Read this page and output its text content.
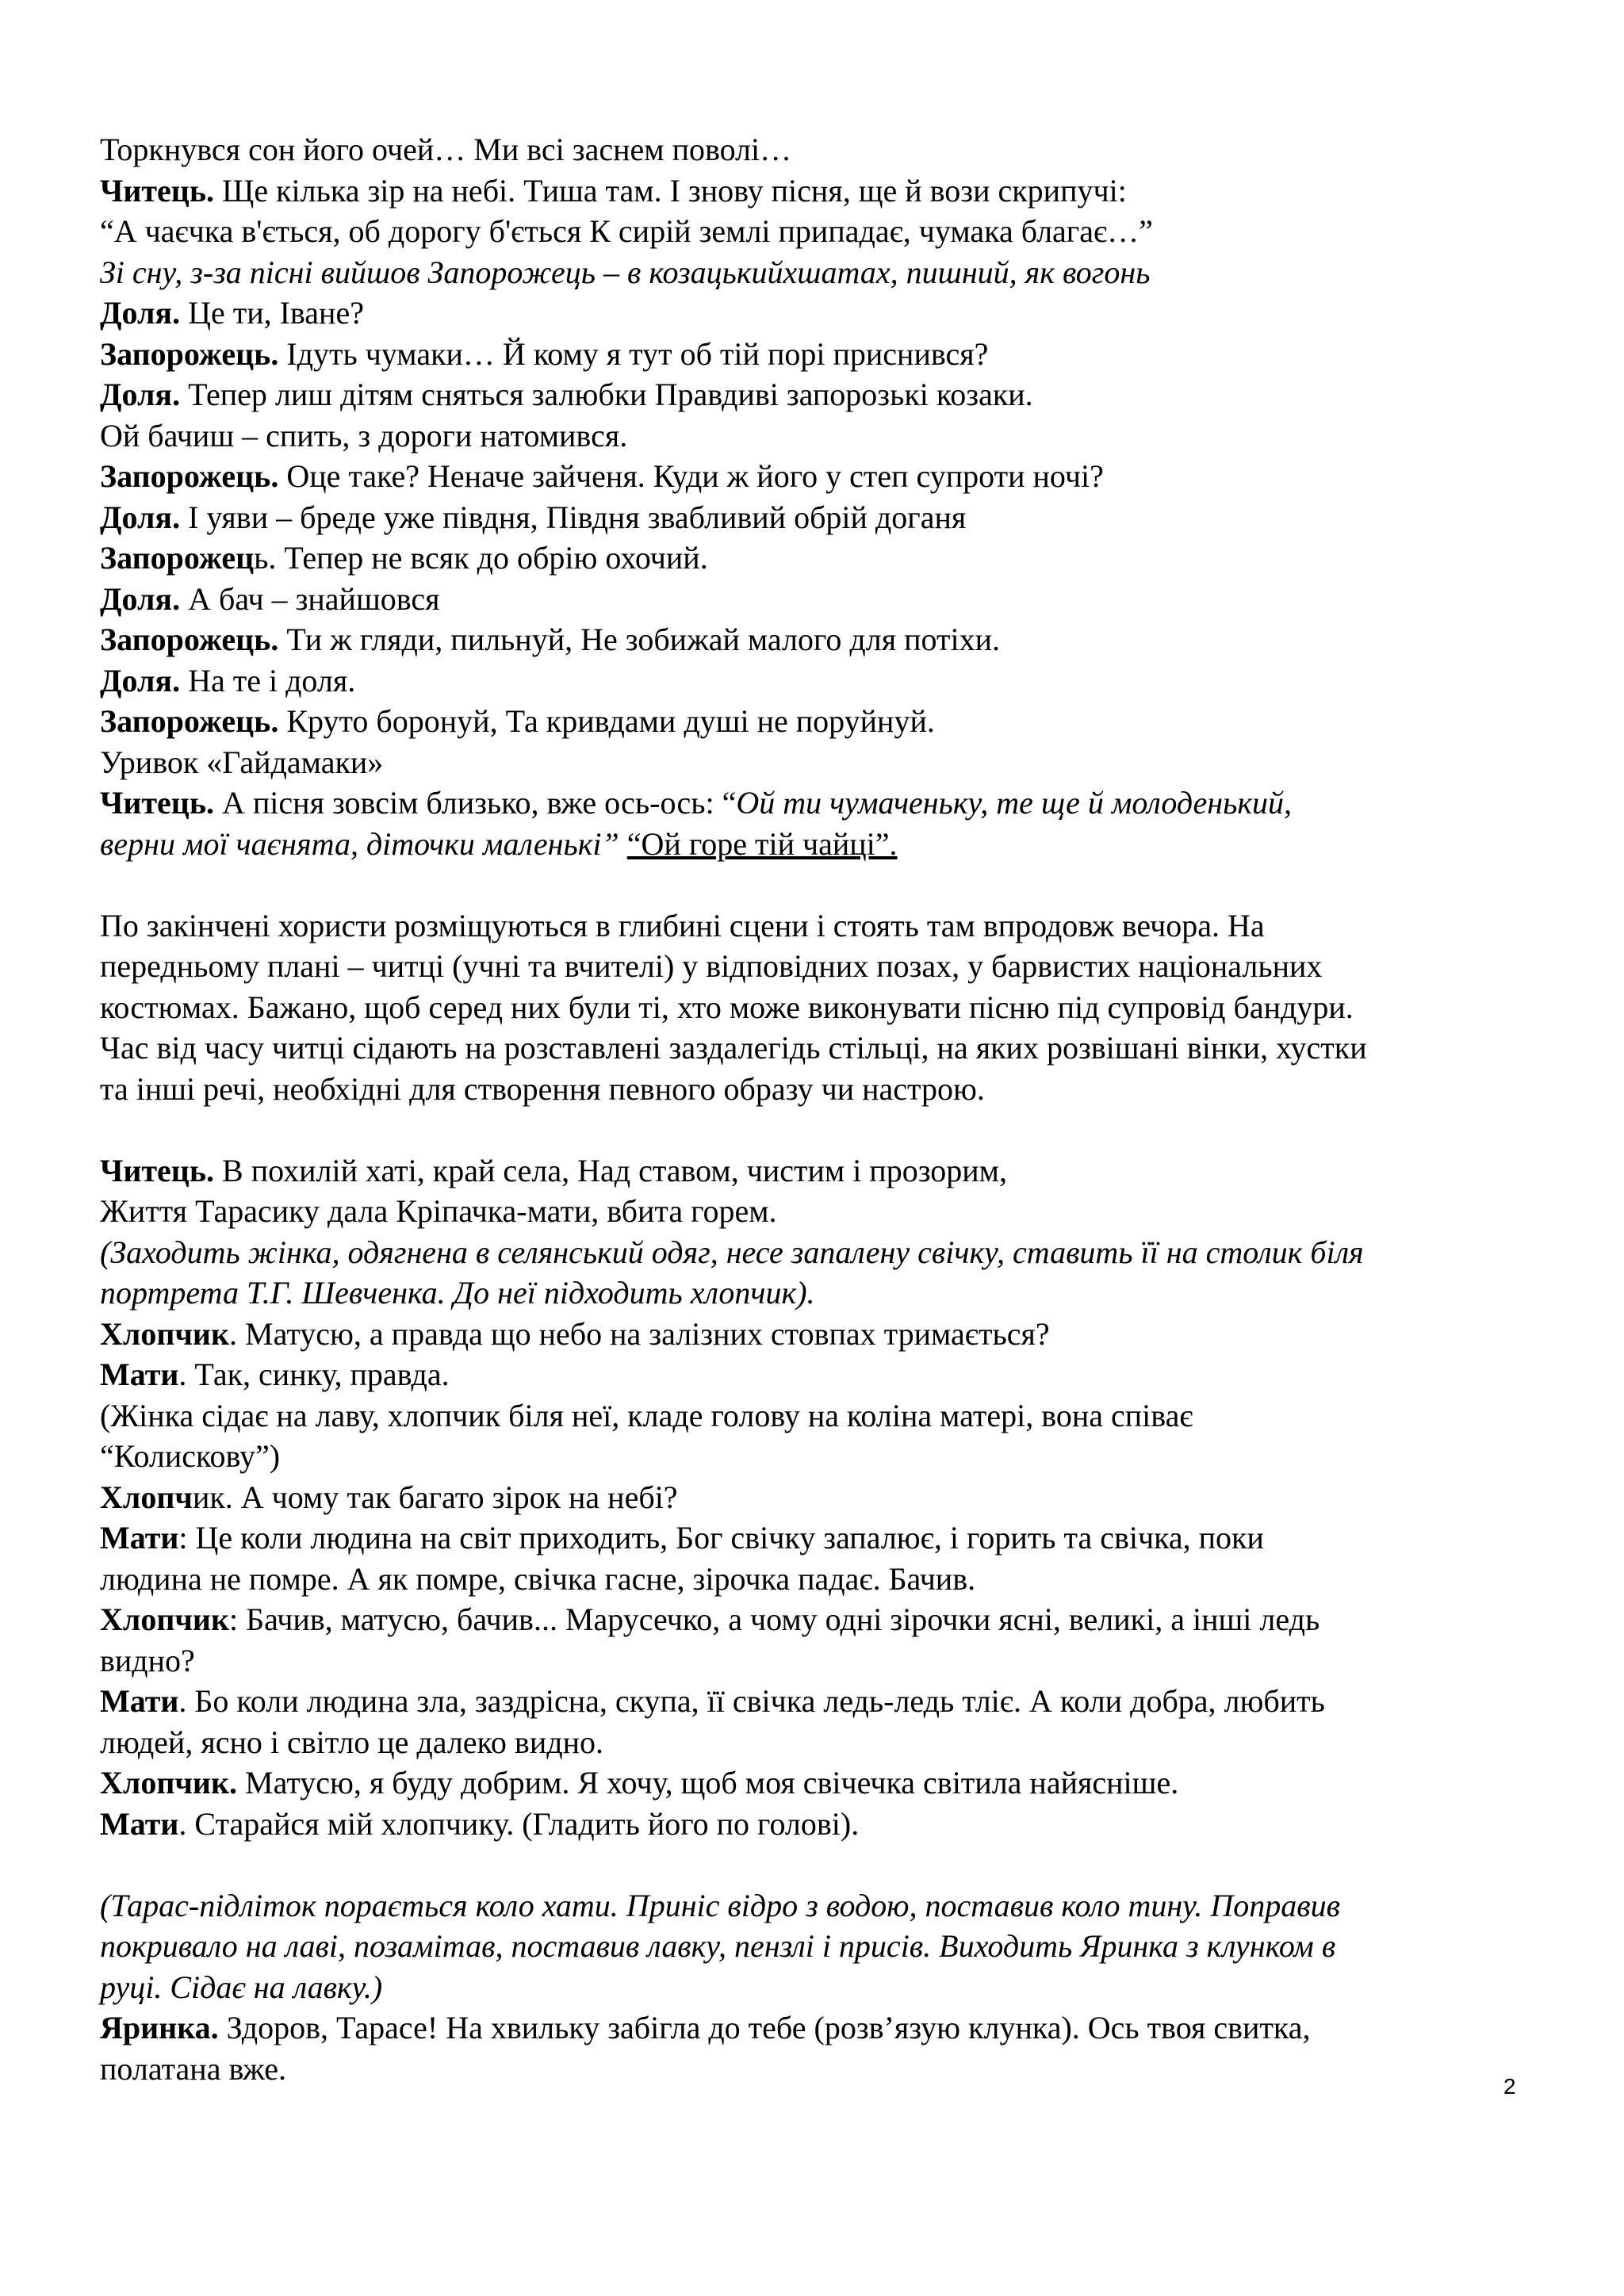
Торкнувся сон його очей… Ми всі заснем поволі…
Читець. Ще кілька зір на небі. Тиша там. І знову пісня, ще й вози скрипучі:
“А чаєчка в'ється, об дорогу б'ється К сирій землі припадає, чумака благає…”
Зі сну, з-за пісні вийшов Запорожець – в козацькийхшатах, пишний, як вогонь
Доля. Це ти, Іване?
Запорожець. Ідуть чумаки… Й кому я тут об тій порі приснився?
Доля. Тепер лиш дітям сняться залюбки Правдиві запорозькі козаки.
Ой бачиш – спить, з дороги натомився.
Запорожець. Оце таке? Неначе зайченя. Куди ж його у степ супроти ночі?
Доля. І уяви – бреде уже півдня, Півдня звабливий обрій доганя
Запорожець. Тепер не всяк до обрію охочий.
Доля. А бач – знайшовся
Запорожець. Ти ж гляди, пильнуй, Не зобижай малого для потіхи.
Доля. На те і доля.
Запорожець. Круто боронуй, Та кривдами душі не поруйнуй.
Уривок «Гайдамаки»
Читець. А пісня зовсім близько, вже ось-ось: “Ой ти чумаченьку, те ще й молоденький,
верни мої чаєнята, діточки маленькі” “Ой горе тій чайці”.
По закінчені хористи розміщуються в глибині сцени і стоять там впродовж вечора. На
передньому плані – читці (учні та вчителі) у відповідних позах, у барвистих національних
костюмах. Бажано, щоб серед них були ті, хто може виконувати пісню під супровід бандури.
Час від часу читці сідають на розставлені заздалегідь стільці, на яких розвішані вінки, хустки
та інші речі, необхідні для створення певного образу чи настрою.
Читець. В похилій хаті, край села, Над ставом, чистим і прозорим,
Життя Тарасику дала Кріпачка-мати, вбита горем.
(Заходить жінка, одягнена в селянський одяг, несе запалену свічку, ставить її на столик біля
портрета Т.Г. Шевченка. До неї підходить хлопчик).
Хлопчик. Матусю, а правда що небо на залізних стовпах тримається?
Мати. Так, синку, правда.
(Жінка сідає на лаву, хлопчик біля неї, кладе голову на коліна матері, вона співає
“Колискову”)
Хлопчик. А чому так багато зірок на небі?
Мати: Це коли людина на світ приходить, Бог свічку запалює, і горить та свічка, поки
людина не помре. А як помре, свічка гасне, зірочка падає. Бачив.
Хлопчик: Бачив, матусю, бачив... Марусечко, а чому одні зірочки ясні, великі, а інші ледь
видно?
Мати. Бо коли людина зла, заздрісна, скупа, її свічка ледь-ледь тліє. А коли добра, любить
людей, ясно і світло це далеко видно.
Хлопчик. Матусю, я буду добрим. Я хочу, щоб моя свічечка світила найясніше.
Мати. Старайся мій хлопчику. (Гладить його по голові).
(Тарас-підліток порається коло хати. Приніс відро з водою, поставив коло тину. Поправив
покривало на лаві, позамітав, поставив лавку, пензлі і присів. Виходить Яринка з клунком в
руці. Сідає на лавку.)
Яринка. Здоров, Тарасе! На хвильку забігла до тебе (розв’язую клунка). Ось твоя свитка,
полатана вже.	2
